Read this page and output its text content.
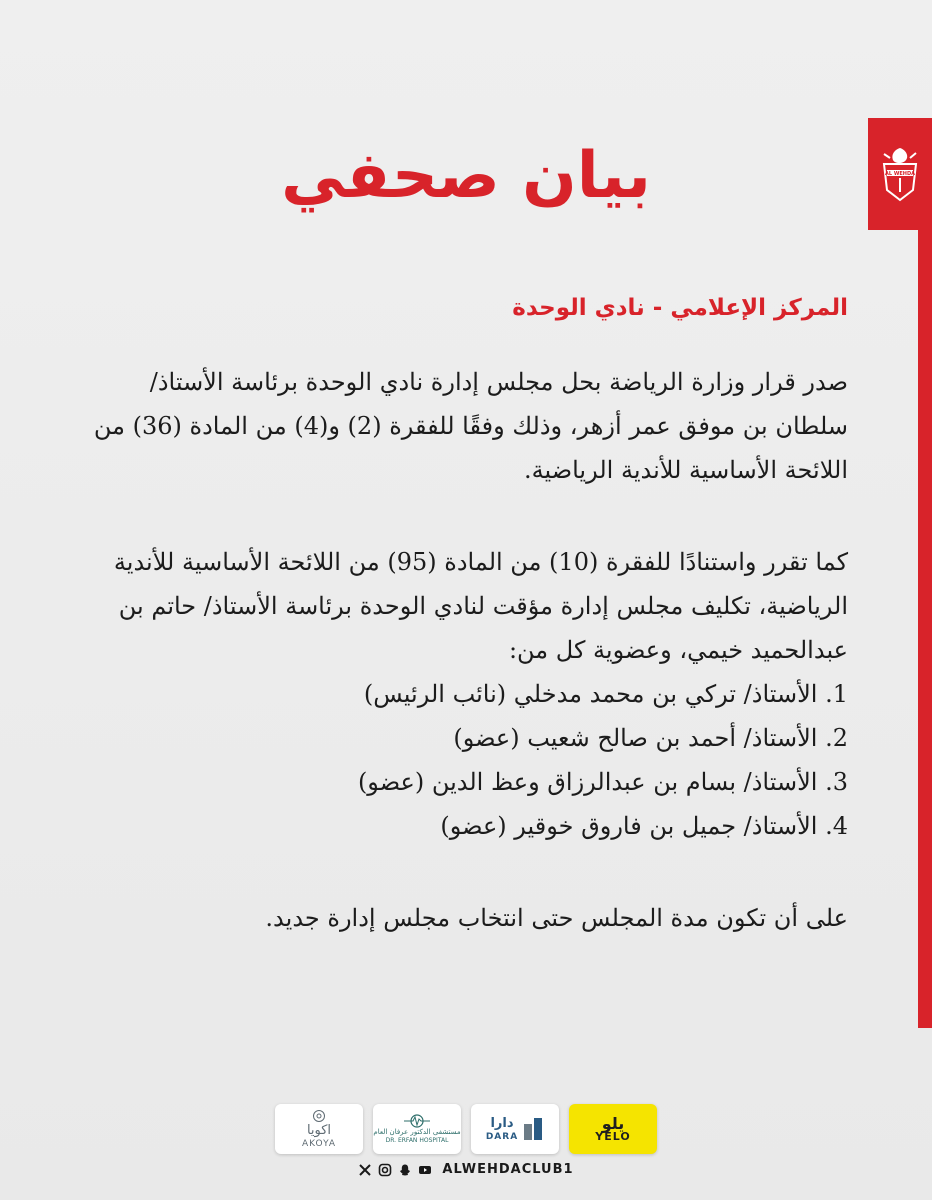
AL WEHDA
بيان صحفي
المركز الإعلامي - نادي الوحدة

صدر قرار وزارة الرياضة بحل مجلس إدارة نادي الوحدة برئاسة الأستاذ/ سلطان بن موفق عمر أزهر، وذلك وفقًا للفقرة (2) و(4) من المادة (36) من اللائحة الأساسية للأندية الرياضية.

كما تقرر واستنادًا للفقرة (10) من المادة (95) من اللائحة الأساسية للأندية الرياضية، تكليف مجلس إدارة مؤقت لنادي الوحدة برئاسة الأستاذ/ حاتم بن عبدالحميد خيمي، وعضوية كل من:

1. الأستاذ/ تركي بن محمد مدخلي (نائب الرئيس)
2. الأستاذ/ أحمد بن صالح شعيب (عضو)
3. الأستاذ/ بسام بن عبدالرزاق وعظ الدين (عضو)
4. الأستاذ/ جميل بن فاروق خوقير (عضو)

على أن تكون مدة المجلس حتى انتخاب مجلس إدارة جديد.

اكويا
AKOYA
مستشفى الدكتور عرفان العام
DR. ERFAN HOSPITAL
دارا
DARA
يلو
YELO
ALWEHDACLUB1
